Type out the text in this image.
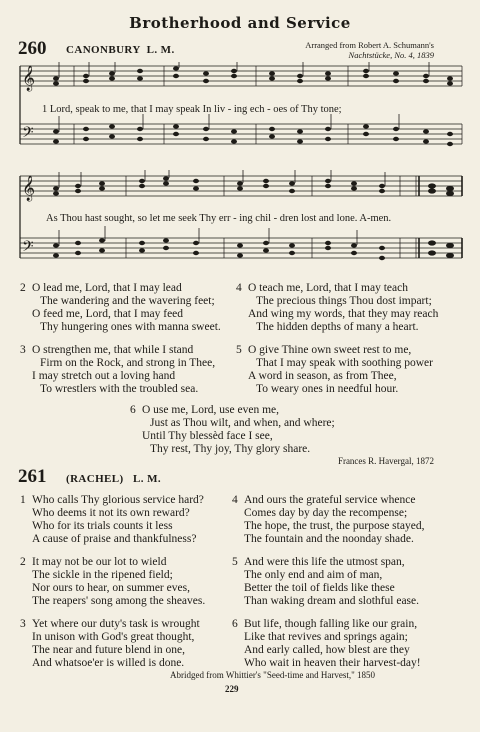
Brotherhood and Service
260 CANONBURY L. M.	Arranged from Robert A. Schumann's
Nachtstücke, No. 4, 1839
𝄞
𝄢
1 Lord, speak to me, that I may speak In liv - ing ech - oes of Thy tone;
𝄞
𝄢
As Thou hast sought, so let me seek Thy err - ing chil - dren lost and lone. A-men.
2 O lead me, Lord, that I may lead
The wandering and the wavering feet;
O feed me, Lord, that I may feed
Thy hungering ones with manna sweet.
4 O teach me, Lord, that I may teach
The precious things Thou dost impart;
And wing my words, that they may reach
The hidden depths of many a heart.
3 O strengthen me, that while I stand
Firm on the Rock, and strong in Thee,
I may stretch out a loving hand
To wrestlers with the troubled sea.
5 O give Thine own sweet rest to me,
That I may speak with soothing power
A word in season, as from Thee,
To weary ones in needful hour.
6 O use me, Lord, use even me,
Just as Thou wilt, and when, and where;
Until Thy blessèd face I see,
Thy rest, Thy joy, Thy glory share.
Frances R. Havergal, 1872
261 (RACHEL) L. M.
1 Who calls Thy glorious service hard?
Who deems it not its own reward?
Who for its trials counts it less
A cause of praise and thankfulness?
4 And ours the grateful service whence
Comes day by day the recompense;
The hope, the trust, the purpose stayed,
The fountain and the noonday shade.
2 It may not be our lot to wield
The sickle in the ripened field;
Nor ours to hear, on summer eves,
The reapers' song among the sheaves.
5 And were this life the utmost span,
The only end and aim of man,
Better the toil of fields like these
Than waking dream and slothful ease.
3 Yet where our duty's task is wrought
In unison with God's great thought,
The near and future blend in one,
And whatsoe'er is willed is done.
6 But life, though falling like our grain,
Like that revives and springs again;
And early called, how blest are they
Who wait in heaven their harvest-day!
Abridged from Whittier's "Seed-time and Harvest," 1850
229
